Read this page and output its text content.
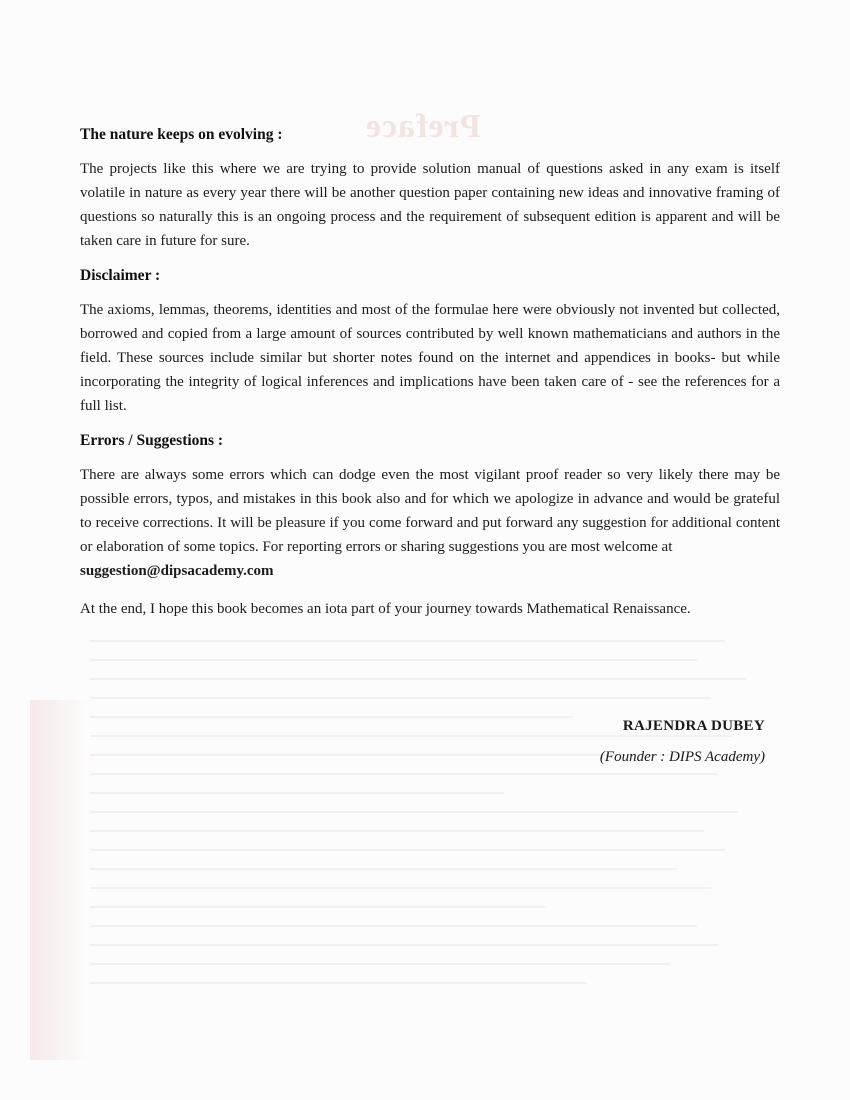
Preface
The nature keeps on evolving :

The projects like this where we are trying to provide solution manual of questions asked in any exam is itself volatile in nature as every year there will be another question paper containing new ideas and innovative framing of questions so naturally this is an ongoing process and the requirement of subsequent edition is apparent and will be taken care in future for sure.

Disclaimer :

The axioms, lemmas, theorems, identities and most of the formulae here were obviously not invented but collected, borrowed and copied from a large amount of sources contributed by well known mathematicians and authors in the field. These sources include similar but shorter notes found on the internet and appendices in books- but while incorporating the integrity of logical inferences and implications have been taken care of - see the references for a full list.

Errors / Suggestions :

There are always some errors which can dodge even the most vigilant proof reader so very likely there may be possible errors, typos, and mistakes in this book also and for which we apologize in advance and would be grateful to receive corrections. It will be pleasure if you come forward and put forward any suggestion for additional content or elaboration of some topics. For reporting errors or sharing suggestions you are most welcome at
suggestion@dipsacademy.com

At the end, I hope this book becomes an iota part of your journey towards Mathematical Renaissance.

RAJENDRA DUBEY
(Founder : DIPS Academy)
